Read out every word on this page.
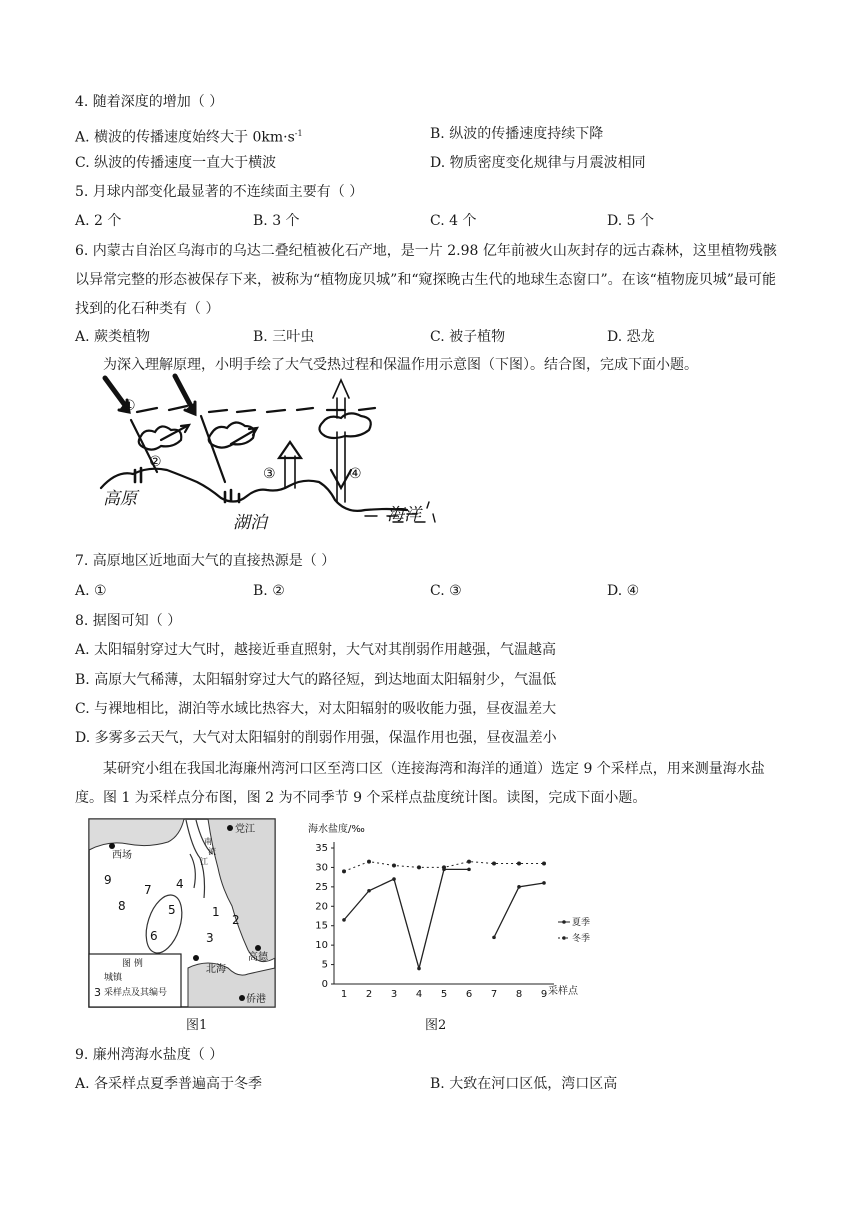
4. 随着深度的增加（ ）
A. 横波的传播速度始终大于 $0km\cdot s^{-1}$	B. 纵波的传播速度持续下降
C. 纵波的传播速度一直大于横波	D. 物质密度变化规律与月震波相同
5. 月球内部变化最显著的不连续面主要有（ ）
A. 2 个	B. 3 个	C. 4 个	D. 5 个
6. 内蒙古自治区乌海市的乌达二叠纪植被化石产地，是一片 2.98 亿年前被火山灰封存的远古森林，这里植物残骸以异常完整的形态被保存下来，被称为“植物庞贝城”和“窥探晚古生代的地球生态窗口”。在该“植物庞贝城”最可能找到的化石种类有（ ）
A. 蕨类植物	B. 三叶虫	C. 被子植物	D. 恐龙
为深入理解原理，小明手绘了大气受热过程和保温作用示意图（下图）。结合图，完成下面小题。
①
②
③	④
高原
湖泊	海洋
7. 高原地区近地面大气的直接热源是（ ）
A. ①	B. ②	C. ③	D. ④
8. 据图可知（ ）
A. 太阳辐射穿过大气时，越接近垂直照射，大气对其削弱作用越强，气温越高
B. 高原大气稀薄，太阳辐射穿过大气的路径短，到达地面太阳辐射少，气温低
C. 与裸地相比，湖泊等水域比热容大，对太阳辐射的吸收能力强，昼夜温差大
D. 多雾多云天气，大气对太阳辐射的削弱作用强，保温作用也强，昼夜温差小
某研究小组在我国北海廉州湾河口区至湾口区（连接海湾和海洋的通道）选定 9 个采样点，用来测量海水盐度。图 1 为采样点分布图，图 2 为不同季节 9 个采样点盐度统计图。读图，完成下面小题。
党江
西场
北海
高德
侨港
南
流
江
1
2
3
4
5
6
7
8
9
图 例
城镇
3 采样点及其编号
图1
海水盐度/‰
采样点
0
5
10
15
20
25
30
35
1 2 3 4 5 6 7 8 9
夏季
冬季
图2
9. 廉州湾海水盐度（ ）
A. 各采样点夏季普遍高于冬季	B. 大致在河口区低，湾口区高
